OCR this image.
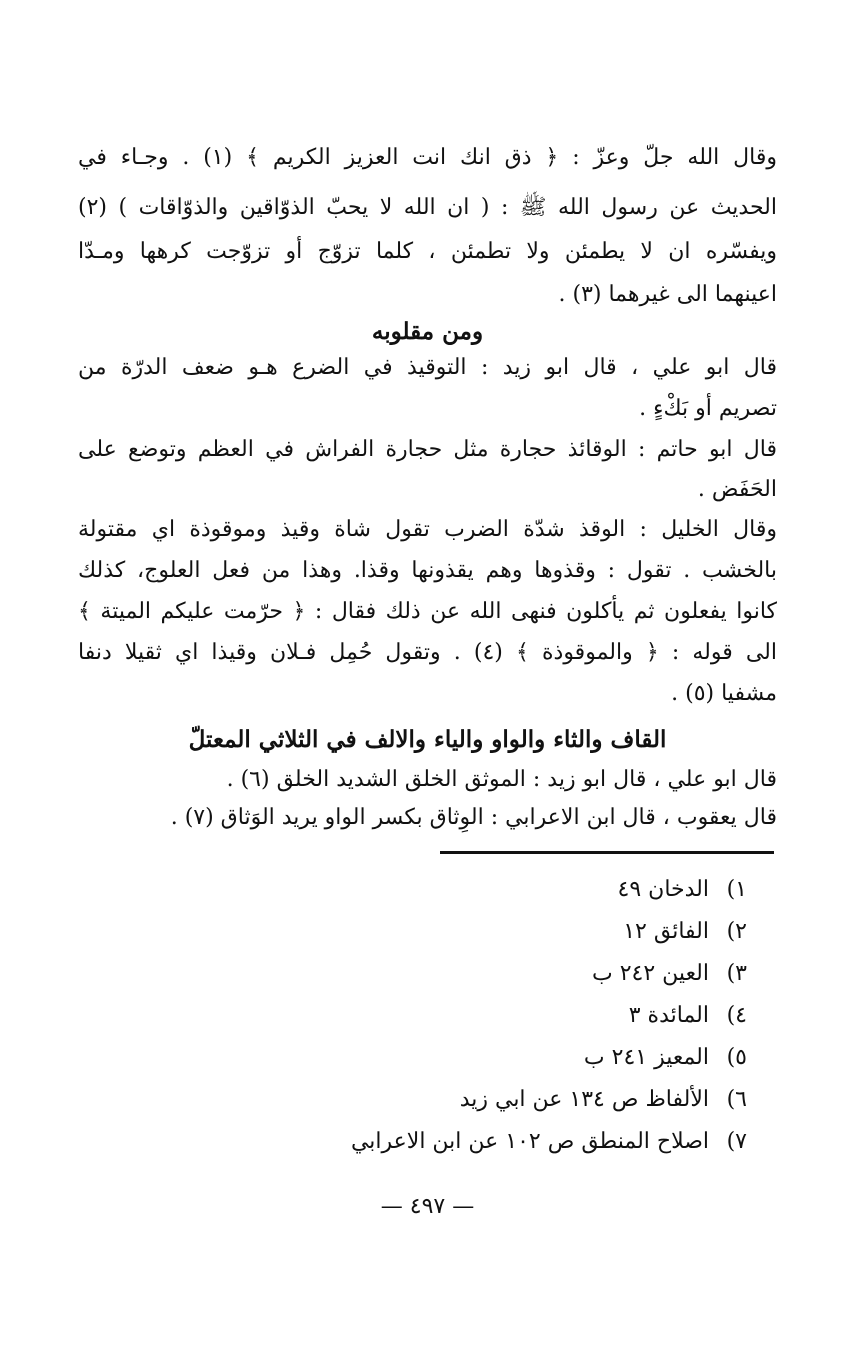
وقال الله جلّ وعزّ : ﴿ ذق انك انت العزيز الكريم ﴾ (١) . وجـاء في
الحديث عن رسول الله ﷺ : ( ان الله لا يحبّ الذوّاقين والذوّاقات ) (٢)
ويفسّره ان لا يطمئن ولا تطمئن ، كلما تزوّج أو تزوّجت كرهها ومـدّا
اعينهما الى غيرهما (٣) .
ومن مقلوبه
قال ابو علي ، قال ابو زيد : التوقيذ في الضرع هـو ضعف الدرّة من
تصريم أو بَكْءٍ .
قال ابو حاتم : الوقائذ حجارة مثل حجارة الفراش في العظم وتوضع على
الحَفَض .
وقال الخليل : الوقذ شدّة الضرب تقول شاة وقيذ وموقوذة اي مقتولة
بالخشب . تقول : وقذوها وهم يقذونها وقذا. وهذا من فعل العلوج، كذلك
كانوا يفعلون ثم يأكلون فنهى الله عن ذلك فقال : ﴿ حرّمت عليكم الميتة ﴾
الى قوله : ﴿ والموقوذة ﴾ (٤) . وتقول حُمِل فـلان وقيذا اي ثقيلا دنفا
مشفيا (٥) .
القاف والثاء والواو والياء والالف في الثلاثي المعتلّ
قال ابو علي ، قال ابو زيد : الموثق الخلق الشديد الخلق (٦) .
قال يعقوب ، قال ابن الاعرابي : الوِثاق بكسر الواو يريد الوَثاق (٧) .
١)الدخان ٤٩
٢)الفائق ١٢
٣)العين ٢٤٢ ب
٤)المائدة ٣
٥)المعيز ٢٤١ ب
٦)الألفاظ ص ١٣٤ عن ابي زيد
٧)اصلاح المنطق ص ١٠٢ عن ابن الاعرابي
— ٤٩٧ —
